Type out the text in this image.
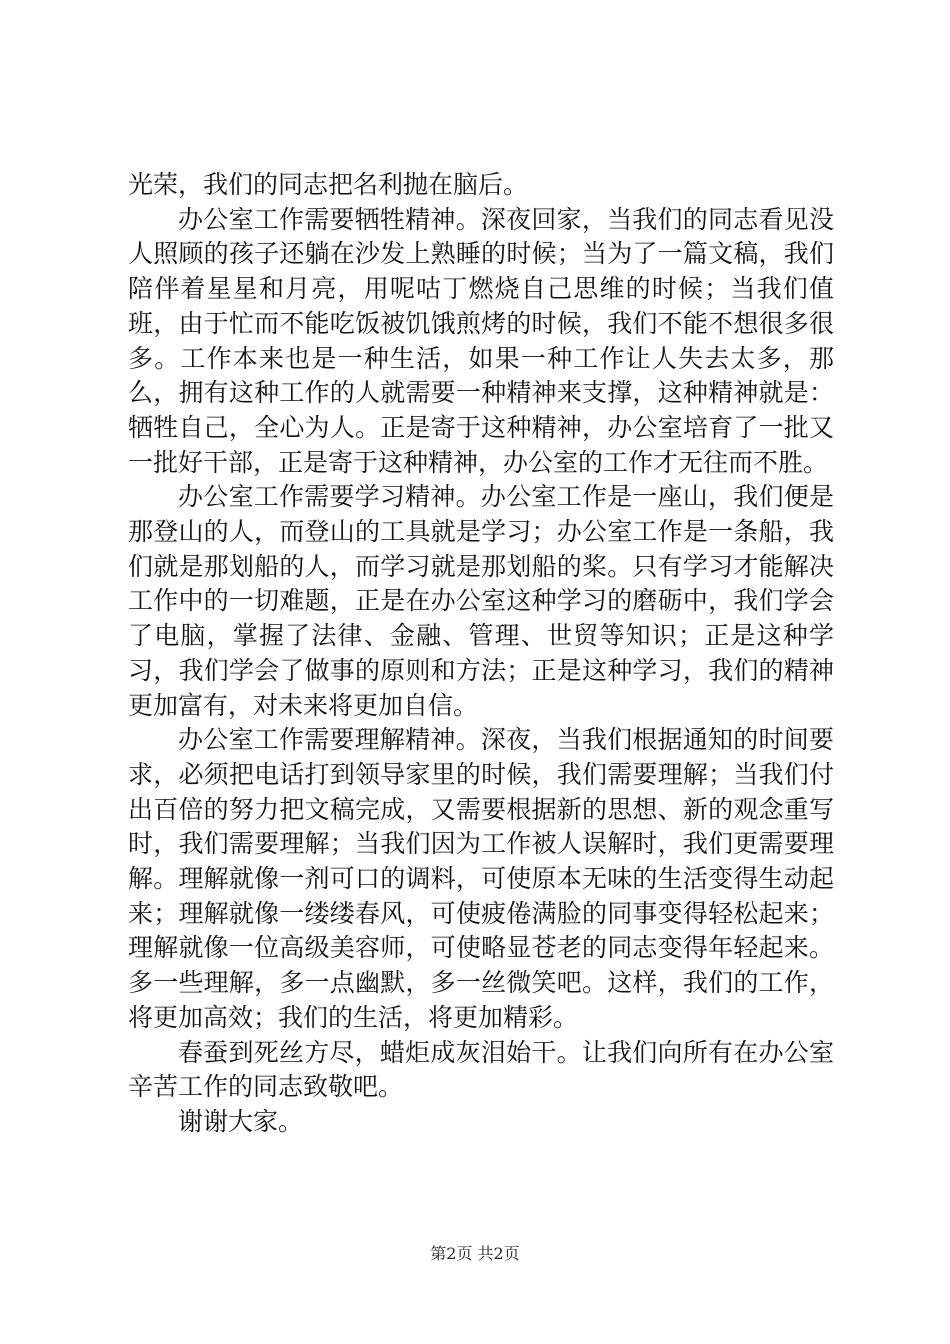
光荣，我们的同志把名利抛在脑后。

办公室工作需要牺牲精神。深夜回家，当我们的同志看见没人照顾的孩子还躺在沙发上熟睡的时候；当为了一篇文稿，我们陪伴着星星和月亮，用呢咕丁燃烧自己思维的时候；当我们值班，由于忙而不能吃饭被饥饿煎烤的时候，我们不能不想很多很多。工作本来也是一种生活，如果一种工作让人失去太多，那么，拥有这种工作的人就需要一种精神来支撑，这种精神就是：牺牲自己，全心为人。正是寄于这种精神，办公室培育了一批又一批好干部，正是寄于这种精神，办公室的工作才无往而不胜。

办公室工作需要学习精神。办公室工作是一座山，我们便是那登山的人，而登山的工具就是学习；办公室工作是一条船，我们就是那划船的人，而学习就是那划船的桨。只有学习才能解决工作中的一切难题，正是在办公室这种学习的磨砺中，我们学会了电脑，掌握了法律、金融、管理、世贸等知识；正是这种学习，我们学会了做事的原则和方法；正是这种学习，我们的精神更加富有，对未来将更加自信。

办公室工作需要理解精神。深夜，当我们根据通知的时间要求，必须把电话打到领导家里的时候，我们需要理解；当我们付出百倍的努力把文稿完成，又需要根据新的思想、新的观念重写时，我们需要理解；当我们因为工作被人误解时，我们更需要理解。理解就像一剂可口的调料，可使原本无味的生活变得生动起来；理解就像一缕缕春风，可使疲倦满脸的同事变得轻松起来；理解就像一位高级美容师，可使略显苍老的同志变得年轻起来。多一些理解，多一点幽默，多一丝微笑吧。这样，我们的工作，将更加高效；我们的生活，将更加精彩。

春蚕到死丝方尽，蜡炬成灰泪始干。让我们向所有在办公室辛苦工作的同志致敬吧。

谢谢大家。

第2页 共2页
